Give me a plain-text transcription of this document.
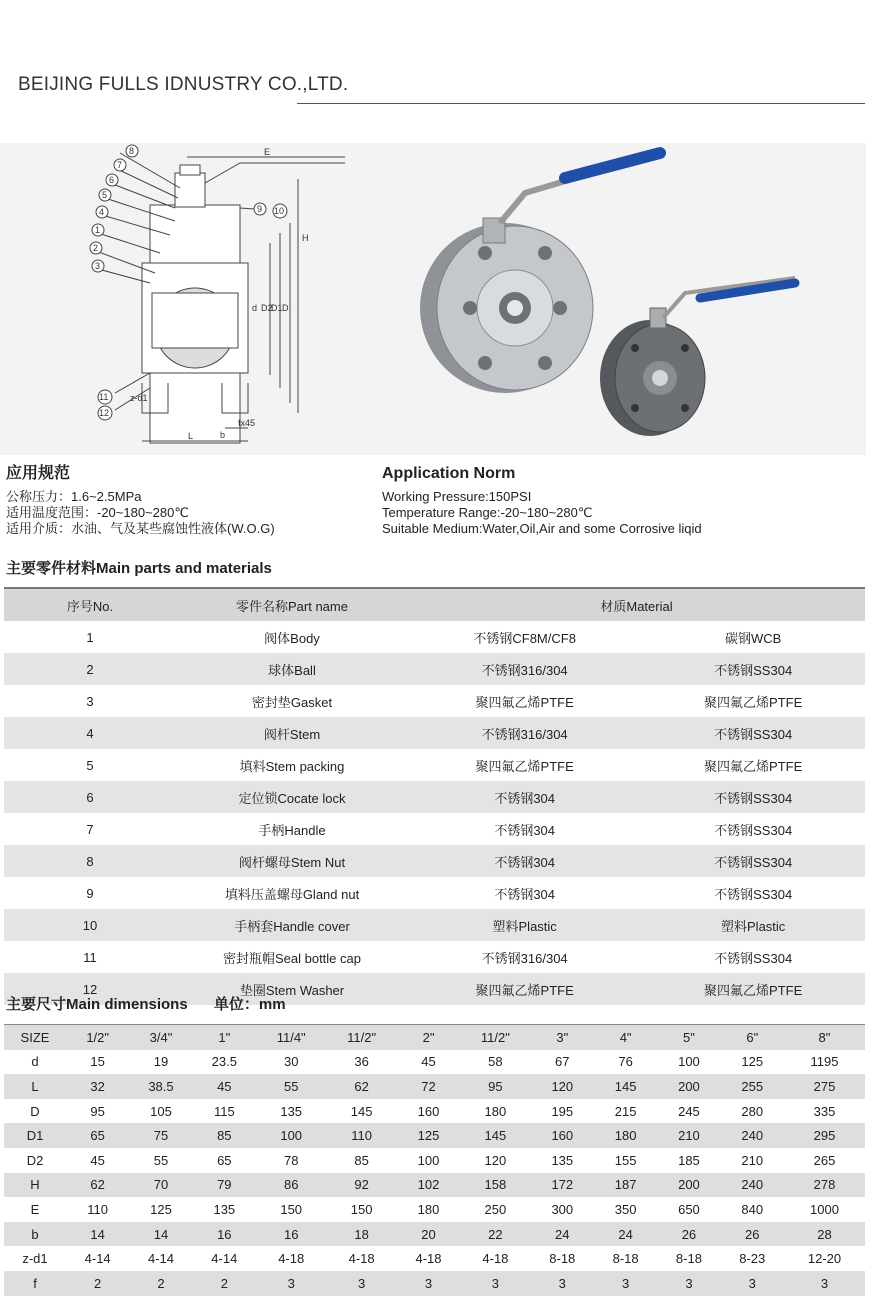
BEIJING FULLS IDNUSTRY CO.,LTD.
8
7
6
5
4
1
2
3
9 10
11
12
E
H
d D2
D1 D
z-d1
L	b
fx45
应用规范
公称压力：1.6~2.5MPa
适用温度范围：-20~180~280℃
适用介质：水油、气及某些腐蚀性液体(W.O.G)
Application Norm
Working Pressure:150PSI
Temperature Range:-20~180~280℃
Suitable Medium:Water,Oil,Air and some Corrosive liqid
主要零件材料Main parts and materials
序号No.	零件名称Part name	材质Material	
1	阀体Body	不锈钢CF8M/CF8	碳钢WCB
2	球体Ball	不锈钢316/304	不锈钢SS304
3	密封垫Gasket	聚四氟乙烯PTFE	聚四氟乙烯PTFE
4	阀杆Stem	不锈钢316/304	不锈钢SS304
5	填料Stem packing	聚四氟乙烯PTFE	聚四氟乙烯PTFE
6	定位锁Cocate lock	不锈钢304	不锈钢SS304
7	手柄Handle	不锈钢304	不锈钢SS304
8	阀杆螺母Stem Nut	不锈钢304	不锈钢SS304
9	填料压盖螺母Gland nut	不锈钢304	不锈钢SS304
10	手柄套Handle cover	塑料Plastic	塑料Plastic
11	密封瓶帽Seal bottle cap	不锈钢316/304	不锈钢SS304
12	垫圈Stem Washer	聚四氟乙烯PTFE	聚四氟乙烯PTFE
主要尺寸Main dimensions 单位：mm
SIZE	1/2"	3/4"	1"	11/4"	11/2"	2"	11/2"	3"	4"	5"	6"	8"
d	15	19	23.5	30	36	45	58	67	76	100	125	1195
L	32	38.5	45	55	62	72	95	120	145	200	255	275
D	95	105	115	135	145	160	180	195	215	245	280	335
D1	65	75	85	100	110	125	145	160	180	210	240	295
D2	45	55	65	78	85	100	120	135	155	185	210	265
H	62	70	79	86	92	102	158	172	187	200	240	278
E	110	125	135	150	150	180	250	300	350	650	840	1000
b	14	14	16	16	18	20	22	24	24	26	26	28
z-d1	4-14	4-14	4-14	4-18	4-18	4-18	4-18	8-18	8-18	8-18	8-23	12-20
f	2	2	2	3	3	3	3	3	3	3	3	3
